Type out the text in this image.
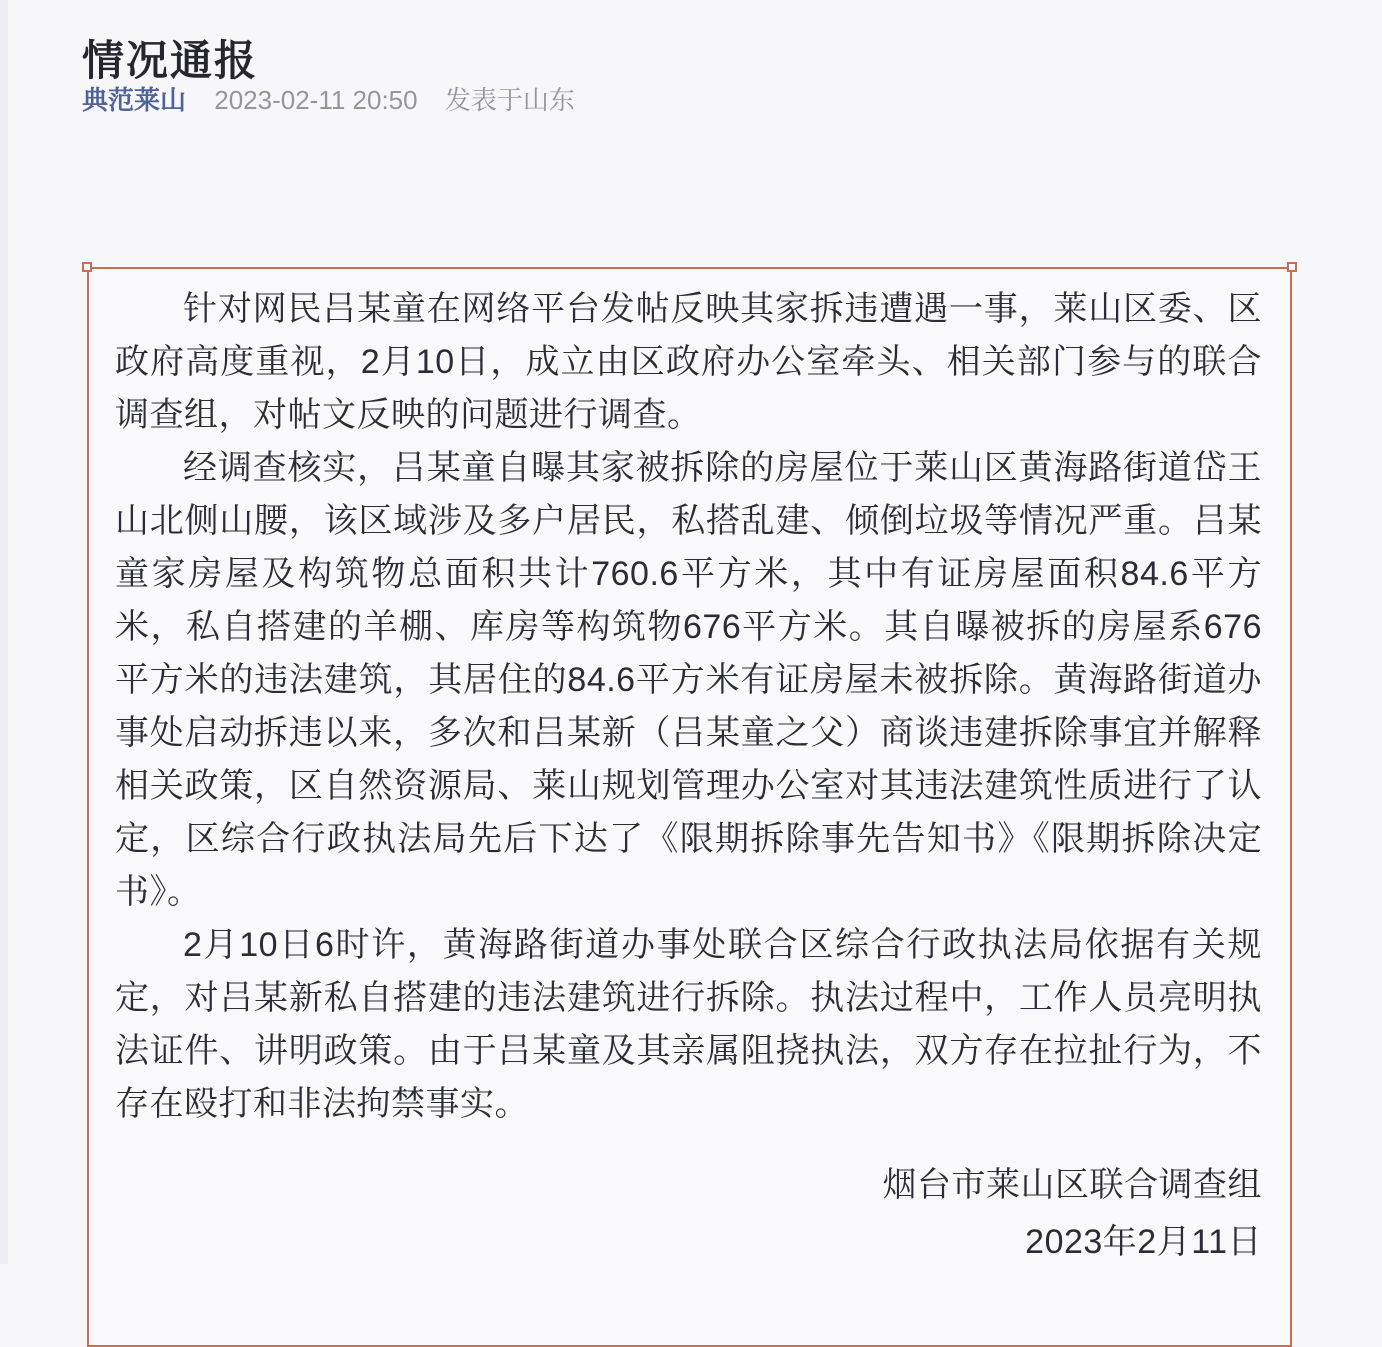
情况通报
典范莱山 2023-02-11 20:50 发表于山东

针对网民吕某童在网络平台发帖反映其家拆违遭遇一事，莱山区委、区政府高度重视，2月10日，成立由区政府办公室牵头、相关部门参与的联合调查组，对帖文反映的问题进行调查。

经调查核实，吕某童自曝其家被拆除的房屋位于莱山区黄海路街道岱王山北侧山腰，该区域涉及多户居民，私搭乱建、倾倒垃圾等情况严重。吕某童家房屋及构筑物总面积共计760.6平方米，其中有证房屋面积84.6平方米，私自搭建的羊棚、库房等构筑物676平方米。其自曝被拆的房屋系676平方米的违法建筑，其居住的84.6平方米有证房屋未被拆除。黄海路街道办事处启动拆违以来，多次和吕某新（吕某童之父）商谈违建拆除事宜并解释相关政策，区自然资源局、莱山规划管理办公室对其违法建筑性质进行了认定，区综合行政执法局先后下达了《限期拆除事先告知书》《限期拆除决定书》。

2月10日6时许，黄海路街道办事处联合区综合行政执法局依据有关规定，对吕某新私自搭建的违法建筑进行拆除。执法过程中，工作人员亮明执法证件、讲明政策。由于吕某童及其亲属阻挠执法，双方存在拉扯行为，不存在殴打和非法拘禁事实。

烟台市莱山区联合调查组
2023年2月11日
